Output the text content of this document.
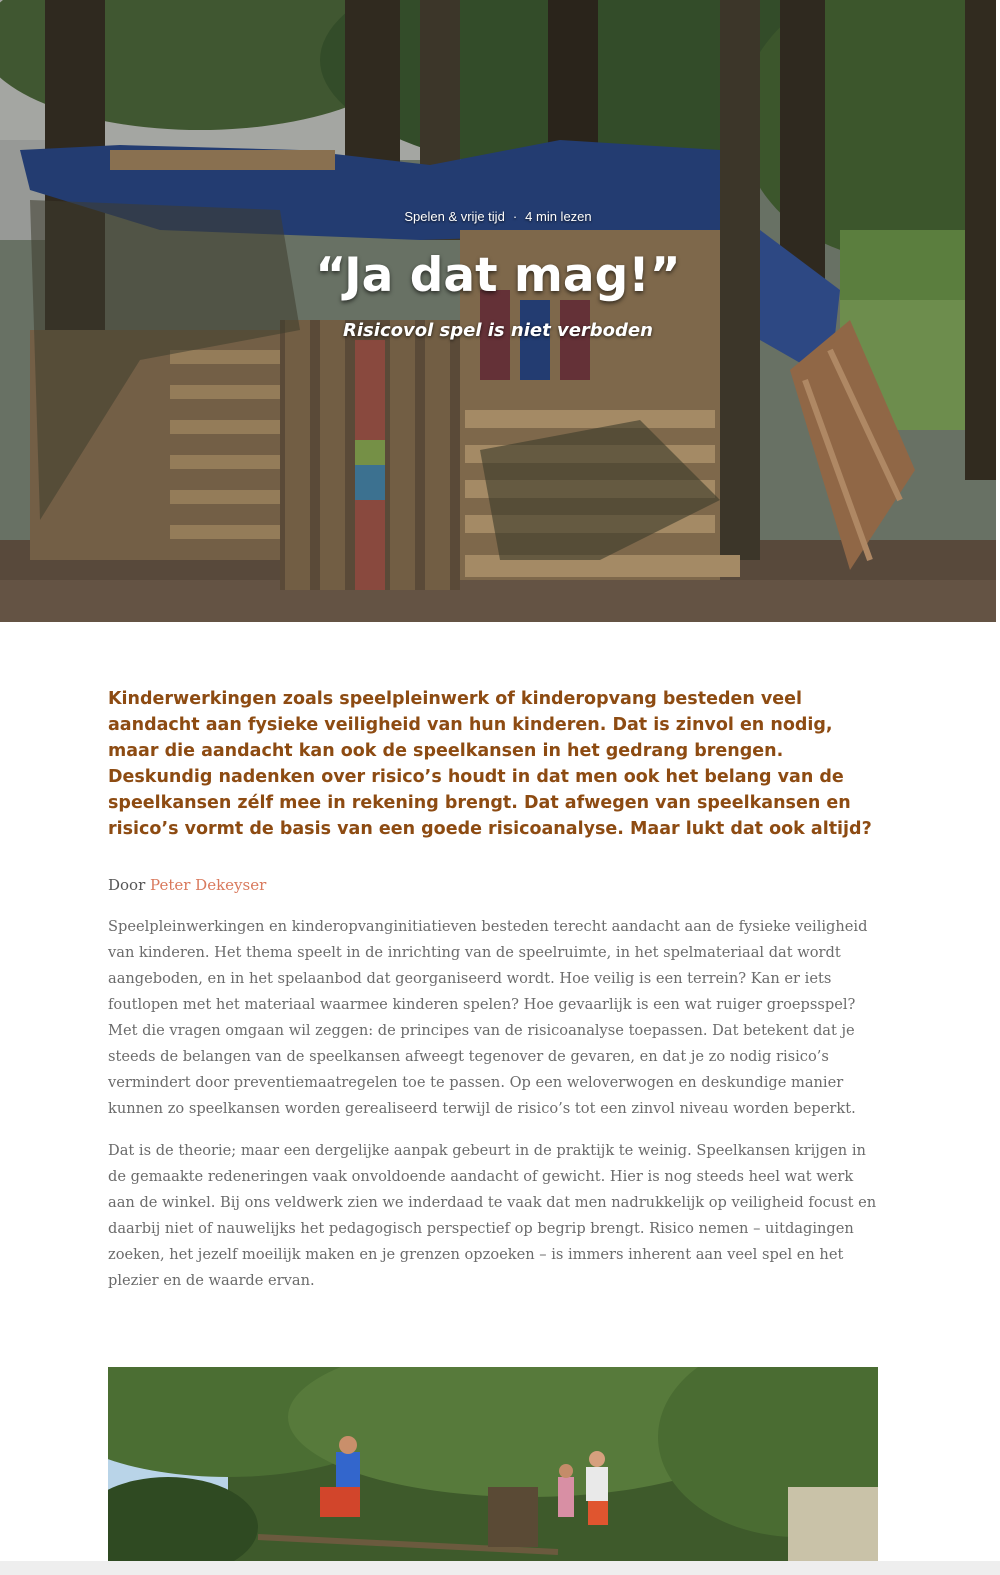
Spelen & vrije tijd · 4 min lezen
“Ja dat mag!”

Risicovol spel is niet verboden

Kinderwerkingen zoals speelpleinwerk of kinderopvang besteden veel aandacht aan fysieke veiligheid van hun kinderen. Dat is zinvol en nodig, maar die aandacht kan ook de speelkansen in het gedrang brengen. Deskundig nadenken over risico’s houdt in dat men ook het belang van de speelkansen zélf mee in rekening brengt. Dat afwegen van speelkansen en risico’s vormt de basis van een goede risicoanalyse. Maar lukt dat ook altijd?

Door Peter Dekeyser

Speelpleinwerkingen en kinderopvanginitiatieven besteden terecht aandacht aan de fysieke veiligheid van kinderen. Het thema speelt in de inrichting van de speelruimte, in het spelmateriaal dat wordt aangeboden, en in het spelaanbod dat georganiseerd wordt. Hoe veilig is een terrein? Kan er iets foutlopen met het materiaal waarmee kinderen spelen? Hoe gevaarlijk is een wat ruiger groepsspel? Met die vragen omgaan wil zeggen: de principes van de risicoanalyse toepassen. Dat betekent dat je steeds de belangen van de speelkansen afweegt tegenover de gevaren, en dat je zo nodig risico’s vermindert door preventiemaatregelen toe te passen. Op een weloverwogen en deskundige manier kunnen zo speelkansen worden gerealiseerd terwijl de risico’s tot een zinvol niveau worden beperkt.

Dat is de theorie; maar een dergelijke aanpak gebeurt in de praktijk te weinig. Speelkansen krijgen in de gemaakte redeneringen vaak onvoldoende aandacht of gewicht. Hier is nog steeds heel wat werk aan de winkel. Bij ons veldwerk zien we inderdaad te vaak dat men nadrukkelijk op veiligheid focust en daarbij niet of nauwelijks het pedagogisch perspectief op begrip brengt. Risico nemen – uitdagingen zoeken, het jezelf moeilijk maken en je grenzen opzoeken – is immers inherent aan veel spel en het plezier en de waarde ervan.
